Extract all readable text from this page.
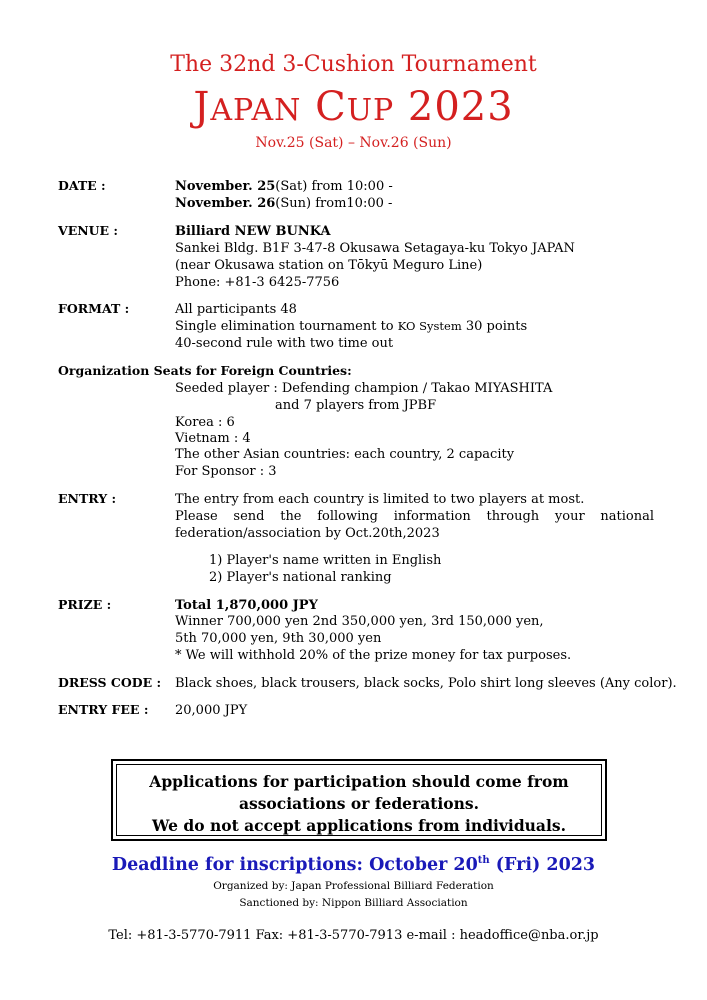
The 32nd 3-Cushion Tournament
JAPAN CUP 2023
Nov.25 (Sat) – Nov.26 (Sun)
DATE :	November. 25(Sat) from 10:00 -
November. 26(Sun) from10:00 -
VENUE :	Billiard NEW BUNKA
Sankei Bldg. B1F 3-47-8 Okusawa Setagaya-ku Tokyo JAPAN
(near Okusawa station on Tōkyū Meguro Line)
Phone: +81-3 6425-7756
FORMAT :	All participants 48
Single elimination tournament to KO System 30 points
40-second rule with two time out
Organization Seats for Foreign Countries:
Seeded player : Defending champion / Takao MIYASHITA
and 7 players from JPBF
Korea : 6
Vietnam : 4
The other Asian countries: each country, 2 capacity
For Sponsor : 3
ENTRY :	The entry from each country is limited to two players at most.
Please send the following information through your national
federation/association by Oct.20th,2023
1) Player's name written in English
2) Player's national ranking
PRIZE :	Total 1,870,000 JPY
Winner 700,000 yen 2nd 350,000 yen, 3rd 150,000 yen,
5th 70,000 yen, 9th 30,000 yen
* We will withhold 20% of the prize money for tax purposes.
DRESS CODE : Black shoes, black trousers, black socks, Polo shirt long sleeves (Any color).
ENTRY FEE : 20,000 JPY
Applications for participation should come from
associations or federations.
We do not accept applications from individuals.
Deadline for inscriptions: October 20th (Fri) 2023
Organized by: Japan Professional Billiard Federation
Sanctioned by: Nippon Billiard Association
Tel: +81-3-5770-7911 Fax: +81-3-5770-7913 e-mail : headoffice@nba.or.jp
